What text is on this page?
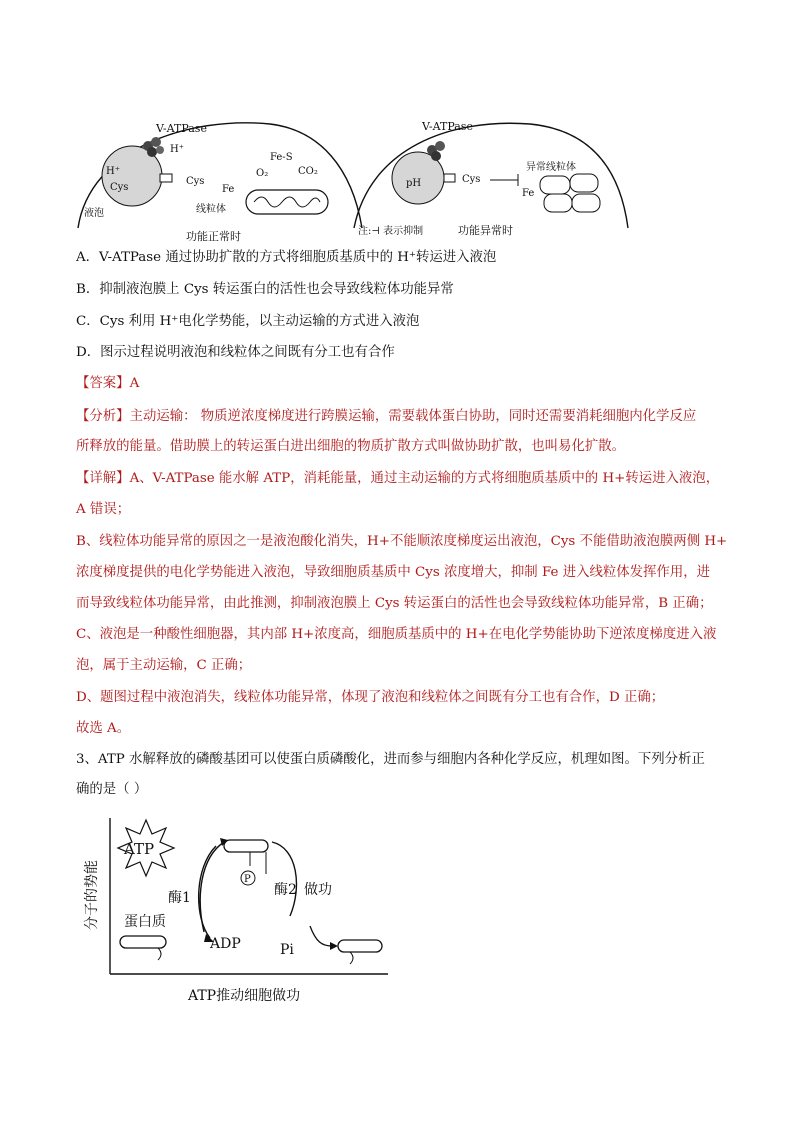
V-ATPase
H⁺
H⁺
Cys
Cys
液泡
Fe
Fe-S
O₂	CO₂
线粒体
功能正常时
V-ATPase
pH	Cys
Fe
异常线粒体
注:⊣ 表示抑制	功能异常时
A．V-ATPase 通过协助扩散的方式将细胞质基质中的 H⁺转运进入液泡
B．抑制液泡膜上 Cys 转运蛋白的活性也会导致线粒体功能异常
C．Cys 利用 H⁺电化学势能，以主动运输的方式进入液泡
D．图示过程说明液泡和线粒体之间既有分工也有合作
【答案】A
【分析】主动运输： 物质逆浓度梯度进行跨膜运输，需要载体蛋白协助，同时还需要消耗细胞内化学反应
所释放的能量。借助膜上的转运蛋白进出细胞的物质扩散方式叫做协助扩散，也叫易化扩散。
【详解】A、V-ATPase 能水解 ATP，消耗能量，通过主动运输的方式将细胞质基质中的 H+转运进入液泡，
A 错误；
B、线粒体功能异常的原因之一是液泡酸化消失，H+不能顺浓度梯度运出液泡，Cys 不能借助液泡膜两侧 H+
浓度梯度提供的电化学势能进入液泡，导致细胞质基质中 Cys 浓度增大，抑制 Fe 进入线粒体发挥作用，进
而导致线粒体功能异常，由此推测，抑制液泡膜上 Cys 转运蛋白的活性也会导致线粒体功能异常，B 正确；
C、液泡是一种酸性细胞器，其内部 H+浓度高，细胞质基质中的 H+在电化学势能协助下逆浓度梯度进入液
泡，属于主动运输，C 正确；
D、题图过程中液泡消失，线粒体功能异常，体现了液泡和线粒体之间既有分工也有合作，D 正确；
故选 A。
3、ATP 水解释放的磷酸基团可以使蛋白质磷酸化，进而参与细胞内各种化学反应，机理如图。下列分析正
确的是（ ）
分子的势能
ATP
酶1
P
酶2 做功
ADP	Pi
蛋白质
ATP推动细胞做功
